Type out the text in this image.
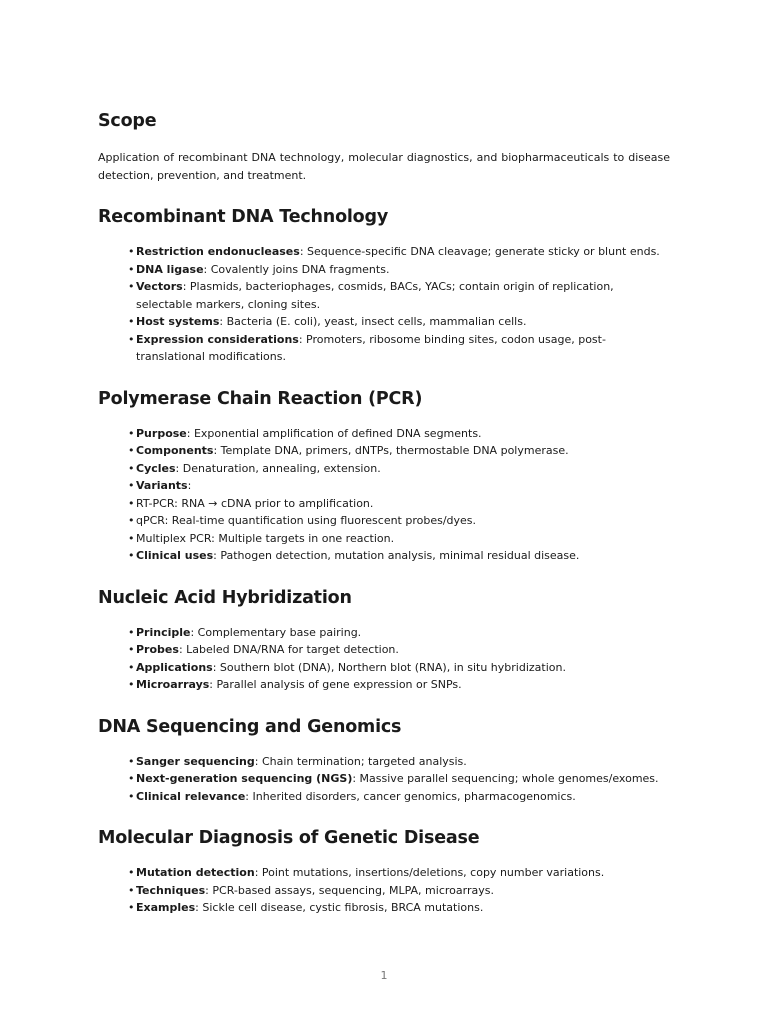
Scope

Application of recombinant DNA technology, molecular diagnostics, and biopharmaceuticals to disease detection, prevention, and treatment.

Recombinant DNA Technology
• Restriction endonucleases: Sequence-specific DNA cleavage; generate sticky or blunt ends.
• DNA ligase: Covalently joins DNA fragments.
• Vectors: Plasmids, bacteriophages, cosmids, BACs, YACs; contain origin of replication, selectable markers, cloning sites.
• Host systems: Bacteria (E. coli), yeast, insect cells, mammalian cells.
• Expression considerations: Promoters, ribosome binding sites, codon usage, post-translational modifications.
Polymerase Chain Reaction (PCR)
• Purpose: Exponential amplification of defined DNA segments.
• Components: Template DNA, primers, dNTPs, thermostable DNA polymerase.
• Cycles: Denaturation, annealing, extension.
• Variants:
• RT-PCR: RNA → cDNA prior to amplification.
• qPCR: Real-time quantification using fluorescent probes/dyes.
• Multiplex PCR: Multiple targets in one reaction.
• Clinical uses: Pathogen detection, mutation analysis, minimal residual disease.
Nucleic Acid Hybridization
• Principle: Complementary base pairing.
• Probes: Labeled DNA/RNA for target detection.
• Applications: Southern blot (DNA), Northern blot (RNA), in situ hybridization.
• Microarrays: Parallel analysis of gene expression or SNPs.
DNA Sequencing and Genomics
• Sanger sequencing: Chain termination; targeted analysis.
• Next-generation sequencing (NGS): Massive parallel sequencing; whole genomes/exomes.
• Clinical relevance: Inherited disorders, cancer genomics, pharmacogenomics.
Molecular Diagnosis of Genetic Disease
• Mutation detection: Point mutations, insertions/deletions, copy number variations.
• Techniques: PCR-based assays, sequencing, MLPA, microarrays.
• Examples: Sickle cell disease, cystic fibrosis, BRCA mutations.
1
